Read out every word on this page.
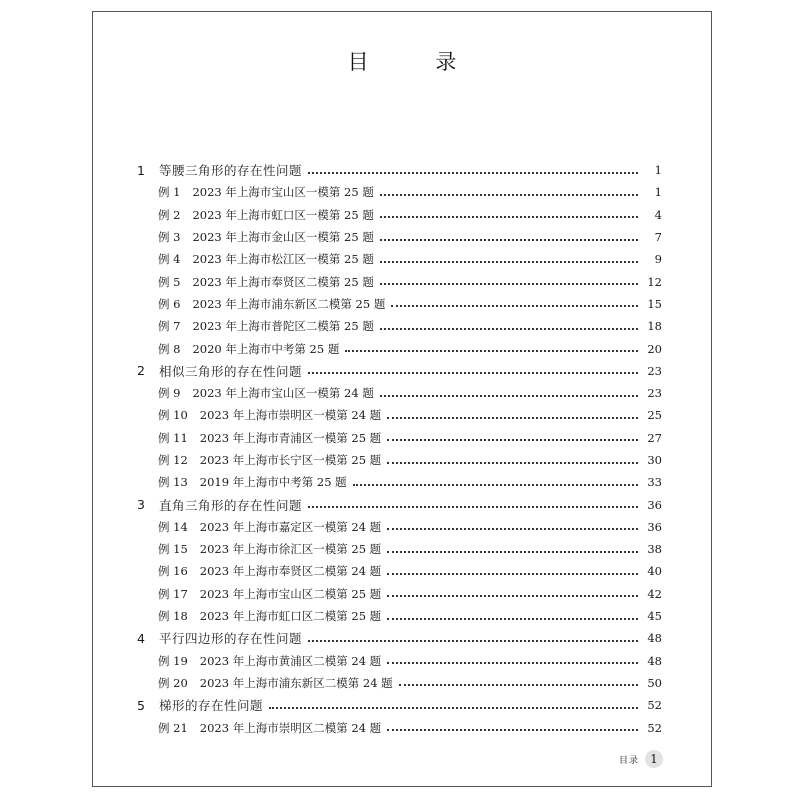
目 录
1	等腰三角形的存在性问题	1
例 1 2023 年上海市宝山区一模第 25 题	1
例 2 2023 年上海市虹口区一模第 25 题	4
例 3 2023 年上海市金山区一模第 25 题	7
例 4 2023 年上海市松江区一模第 25 题	9
例 5 2023 年上海市奉贤区二模第 25 题	12
例 6 2023 年上海市浦东新区二模第 25 题	15
例 7 2023 年上海市普陀区二模第 25 题	18
例 8 2020 年上海市中考第 25 题	20
2	相似三角形的存在性问题	23
例 9 2023 年上海市宝山区一模第 24 题	23
例 10 2023 年上海市崇明区一模第 24 题	25
例 11 2023 年上海市青浦区一模第 25 题	27
例 12 2023 年上海市长宁区一模第 25 题	30
例 13 2019 年上海市中考第 25 题	33
3	直角三角形的存在性问题	36
例 14 2023 年上海市嘉定区一模第 24 题	36
例 15 2023 年上海市徐汇区一模第 25 题	38
例 16 2023 年上海市奉贤区二模第 24 题	40
例 17 2023 年上海市宝山区二模第 25 题	42
例 18 2023 年上海市虹口区二模第 25 题	45
4	平行四边形的存在性问题	48
例 19 2023 年上海市黄浦区二模第 24 题	48
例 20 2023 年上海市浦东新区二模第 24 题	50
5	梯形的存在性问题	52
例 21 2023 年上海市崇明区二模第 24 题	52
目录 1
